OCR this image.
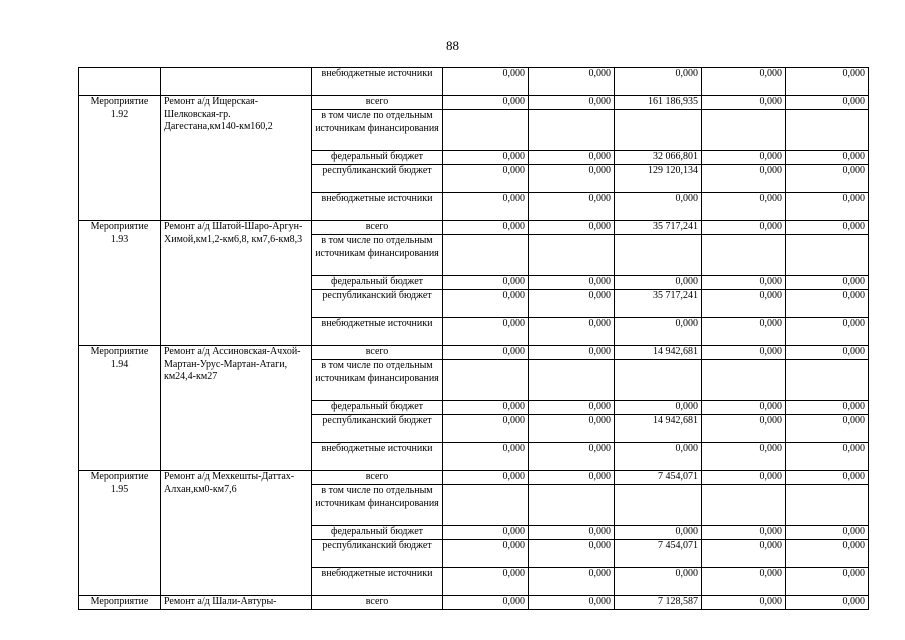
88
		внебюджетные источники	0,000	0,000	0,000	0,000	0,000
Мероприятие 1.92	Ремонт а/д Ищерская-Шелковская-гр. Дагестана,км140-км160,2	всего	0,000	0,000	161 186,935	0,000	0,000
		в том числе по отдельным источникам финансирования					
		федеральный бюджет	0,000	0,000	32 066,801	0,000	0,000
		республиканский бюджет	0,000	0,000	129 120,134	0,000	0,000
		внебюджетные источники	0,000	0,000	0,000	0,000	0,000
Мероприятие 1.93	Ремонт а/д Шатой-Шаро-Аргун-Химой,км1,2-км6,8, км7,6-км8,3	всего	0,000	0,000	35 717,241	0,000	0,000
		в том числе по отдельным источникам финансирования					
		федеральный бюджет	0,000	0,000	0,000	0,000	0,000
		республиканский бюджет	0,000	0,000	35 717,241	0,000	0,000
		внебюджетные источники	0,000	0,000	0,000	0,000	0,000
Мероприятие 1.94	Ремонт а/д Ассиновская-Ачхой-Мартан-Урус-Мартан-Атаги, км24,4-км27	всего	0,000	0,000	14 942,681	0,000	0,000
		в том числе по отдельным источникам финансирования					
		федеральный бюджет	0,000	0,000	0,000	0,000	0,000
		республиканский бюджет	0,000	0,000	14 942,681	0,000	0,000
		внебюджетные источники	0,000	0,000	0,000	0,000	0,000
Мероприятие 1.95	Ремонт а/д Мехкешты-Даттах-Алхан,км0-км7,6	всего	0,000	0,000	7 454,071	0,000	0,000
		в том числе по отдельным источникам финансирования					
		федеральный бюджет	0,000	0,000	0,000	0,000	0,000
		республиканский бюджет	0,000	0,000	7 454,071	0,000	0,000
		внебюджетные источники	0,000	0,000	0,000	0,000	0,000
Мероприятие	Ремонт а/д Шали-Автуры-	всего	0,000	0,000	7 128,587	0,000	0,000
